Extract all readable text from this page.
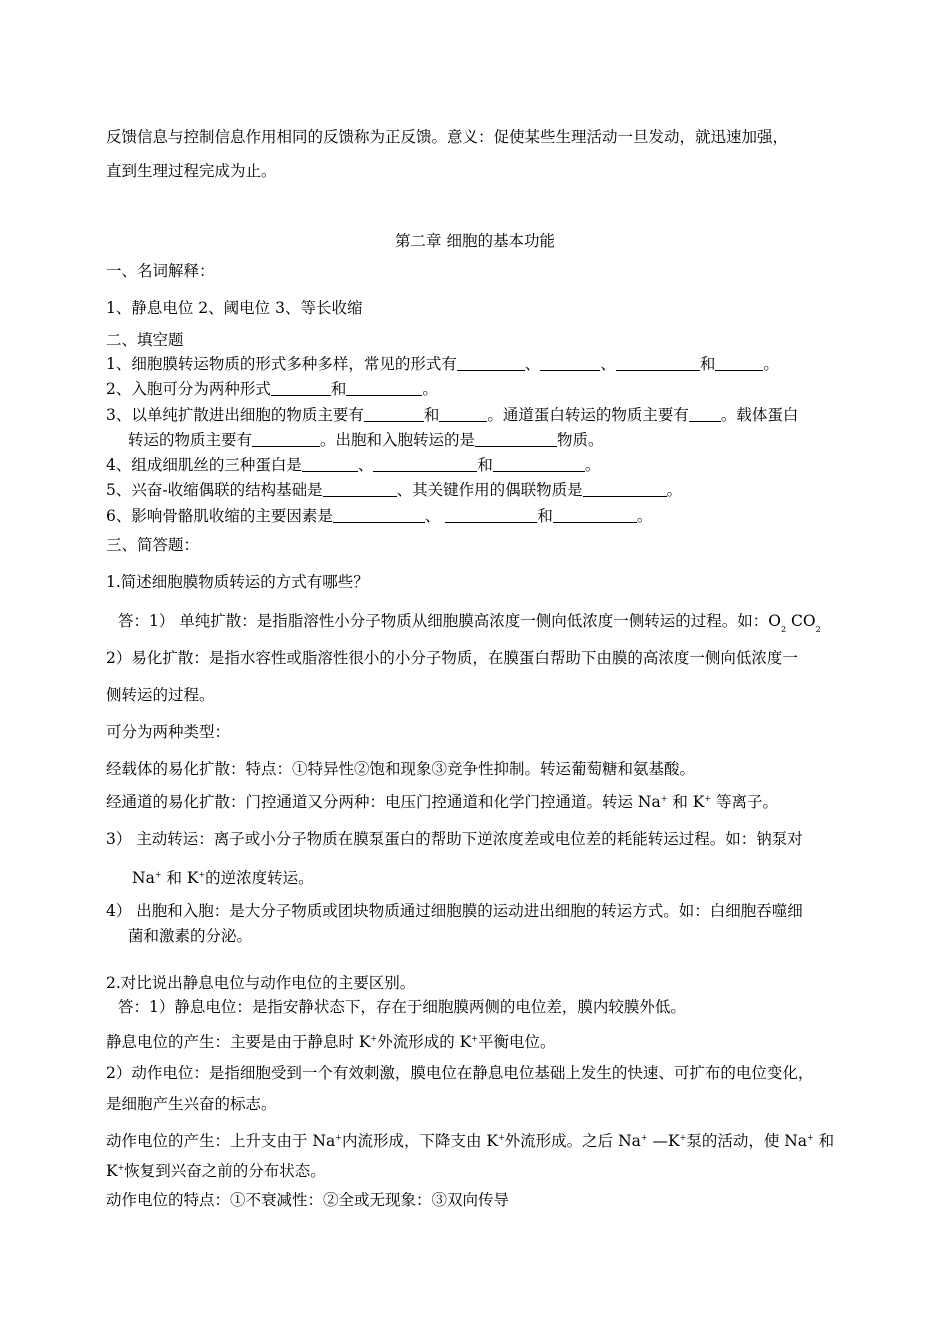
反馈信息与控制信息作用相同的反馈称为正反馈。意义：促使某些生理活动一旦发动，就迅速加强，
直到生理过程完成为止。
第二章 细胞的基本功能
一、名词解释：
1、静息电位 2、阈电位 3、等长收缩
二、填空题
1、细胞膜转运物质的形式多种多样，常见的形式有	、	、	和	。
2、入胞可分为两种形式	和	。
3、以单纯扩散进出细胞的物质主要有	和	。通道蛋白转运的物质主要有 。载体蛋白
转运的物质主要有	。出胞和入胞转运的是	物质。
4、组成细肌丝的三种蛋白是	、	和	。
5、兴奋-收缩偶联的结构基础是	、其关键作用的偶联物质是	。
6、影响骨骼肌收缩的主要因素是	、	和	。
三、简答题：
1.简述细胞膜物质转运的方式有哪些？
答：1） 单纯扩散：是指脂溶性小分子物质从细胞膜高浓度一侧向低浓度一侧转运的过程。如：$O_2$ $CO_2$
2）易化扩散：是指水容性或脂溶性很小的小分子物质，在膜蛋白帮助下由膜的高浓度一侧向低浓度一
侧转运的过程。
可分为两种类型：
经载体的易化扩散：特点：①特异性②饱和现象③竞争性抑制。转运葡萄糖和氨基酸。
经通道的易化扩散：门控通道又分两种：电压门控通道和化学门控通道。转运 Na+ 和 K+ 等离子。
3） 主动转运：离子或小分子物质在膜泵蛋白的帮助下逆浓度差或电位差的耗能转运过程。如：钠泵对
Na+ 和 K+的逆浓度转运。
4） 出胞和入胞：是大分子物质或团块物质通过细胞膜的运动进出细胞的转运方式。如：白细胞吞噬细
菌和激素的分泌。
2.对比说出静息电位与动作电位的主要区别。
答：1）静息电位：是指安静状态下，存在于细胞膜两侧的电位差，膜内较膜外低。
静息电位的产生：主要是由于静息时 K+外流形成的 K+平衡电位。
2）动作电位：是指细胞受到一个有效刺激，膜电位在静息电位基础上发生的快速、可扩布的电位变化，
是细胞产生兴奋的标志。
动作电位的产生：上升支由于 Na+内流形成，下降支由 K+外流形成。之后 Na+ —K+泵的活动，使 Na+ 和
K+恢复到兴奋之前的分布状态。
动作电位的特点：①不衰减性：②全或无现象：③双向传导
